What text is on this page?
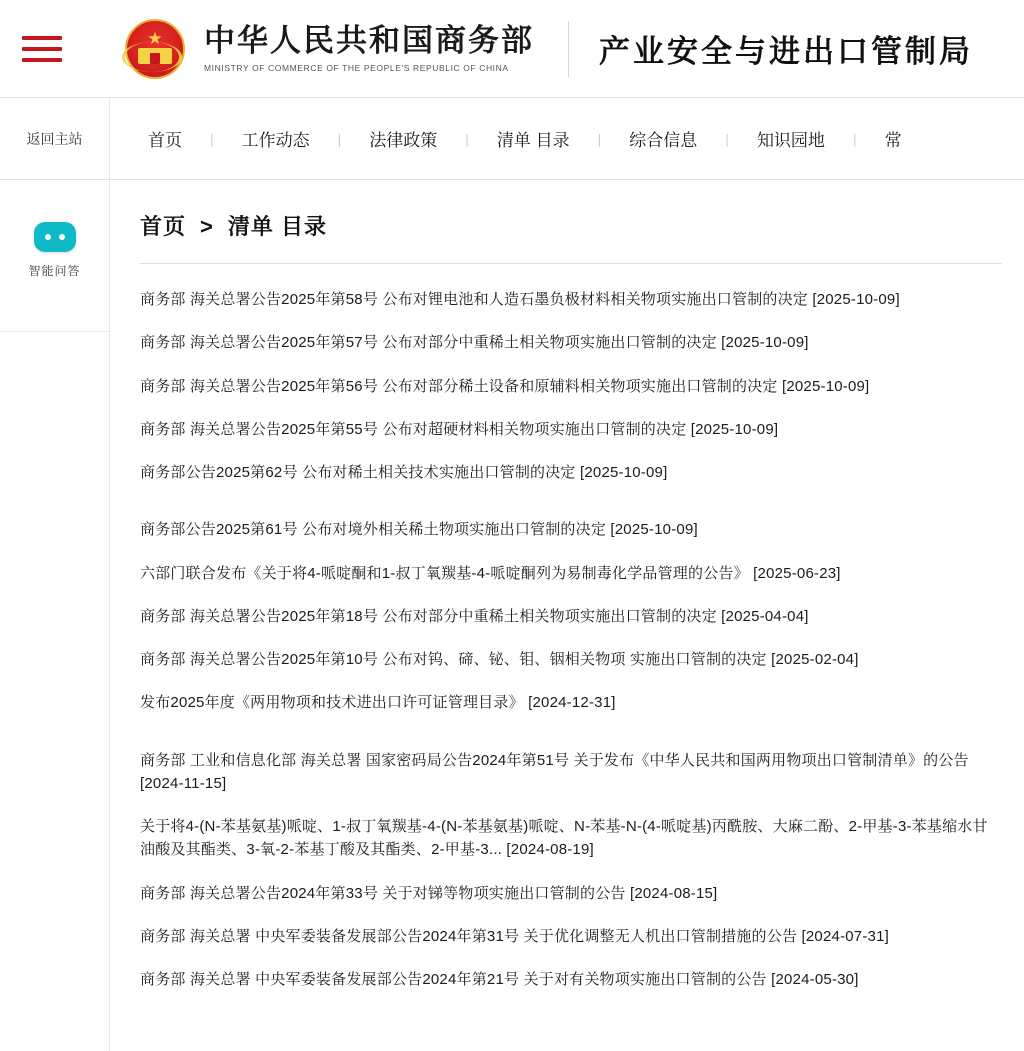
★ 中华人民共和国商务部
MINISTRY OF COMMERCE OF THE PEOPLE'S REPUBLIC OF CHINA	产业安全与进出口管制局
返回主站	首页 | 工作动态 | 法律政策 | 清单 目录 | 综合信息 | 知识园地 | 常
智能问答
首页 > 清单 目录
商务部 海关总署公告2025年第58号 公布对锂电池和人造石墨负极材料相关物项实施出口管制的决定 [2025-10-09]
商务部 海关总署公告2025年第57号 公布对部分中重稀土相关物项实施出口管制的决定 [2025-10-09]
商务部 海关总署公告2025年第56号 公布对部分稀土设备和原辅料相关物项实施出口管制的决定 [2025-10-09]
商务部 海关总署公告2025年第55号 公布对超硬材料相关物项实施出口管制的决定 [2025-10-09]
商务部公告2025第62号 公布对稀土相关技术实施出口管制的决定 [2025-10-09]
商务部公告2025第61号 公布对境外相关稀土物项实施出口管制的决定 [2025-10-09]
六部门联合发布《关于将4-哌啶酮和1-叔丁氧羰基-4-哌啶酮列为易制毒化学品管理的公告》 [2025-06-23]
商务部 海关总署公告2025年第18号 公布对部分中重稀土相关物项实施出口管制的决定 [2025-04-04]
商务部 海关总署公告2025年第10号 公布对钨、碲、铋、钼、铟相关物项 实施出口管制的决定 [2025-02-04]
发布2025年度《两用物项和技术进出口许可证管理目录》 [2024-12-31]
商务部 工业和信息化部 海关总署 国家密码局公告2024年第51号 关于发布《中华人民共和国两用物项出口管制清单》的公告 [2024-11-15]
关于将4-(N-苯基氨基)哌啶、1-叔丁氧羰基-4-(N-苯基氨基)哌啶、N-苯基-N-(4-哌啶基)丙酰胺、大麻二酚、2-甲基-3-苯基缩水甘油酸及其酯类、3-氧-2-苯基丁酸及其酯类、2-甲基-3... [2024-08-19]
商务部 海关总署公告2024年第33号 关于对锑等物项实施出口管制的公告 [2024-08-15]
商务部 海关总署 中央军委装备发展部公告2024年第31号 关于优化调整无人机出口管制措施的公告 [2024-07-31]
商务部 海关总署 中央军委装备发展部公告2024年第21号 关于对有关物项实施出口管制的公告 [2024-05-30]
